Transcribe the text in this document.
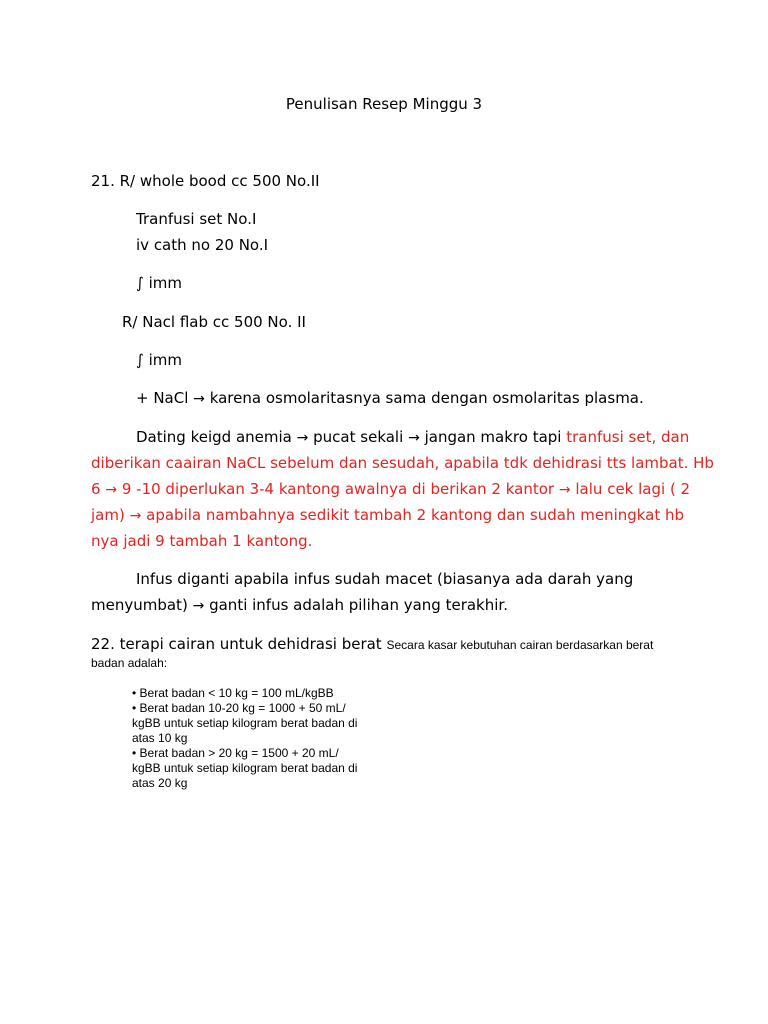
Penulisan Resep Minggu 3
21. R/ whole bood cc 500 No.II
Tranfusi set No.I
iv cath no 20 No.I
∫ imm
R/ Nacl flab cc 500 No. II
∫ imm
+ NaCl → karena osmolaritasnya sama dengan osmolaritas plasma.
Dating keigd anemia → pucat sekali → jangan makro tapi tranfusi set, dan
diberikan caairan NaCL sebelum dan sesudah, apabila tdk dehidrasi tts lambat. Hb
6 → 9 -10 diperlukan 3-4 kantong awalnya di berikan 2 kantor → lalu cek lagi ( 2
jam) → apabila nambahnya sedikit tambah 2 kantong dan sudah meningkat hb
nya jadi 9 tambah 1 kantong.
Infus diganti apabila infus sudah macet (biasanya ada darah yang
menyumbat) → ganti infus adalah pilihan yang terakhir.
22. terapi cairan untuk dehidrasi berat Secara kasar kebutuhan cairan berdasarkan berat
badan adalah:
• Berat badan < 10 kg = 100 mL/kgBB
• Berat badan 10-20 kg = 1000 + 50 mL/
kgBB untuk setiap kilogram berat badan di
atas 10 kg
• Berat badan > 20 kg = 1500 + 20 mL/
kgBB untuk setiap kilogram berat badan di
atas 20 kg
